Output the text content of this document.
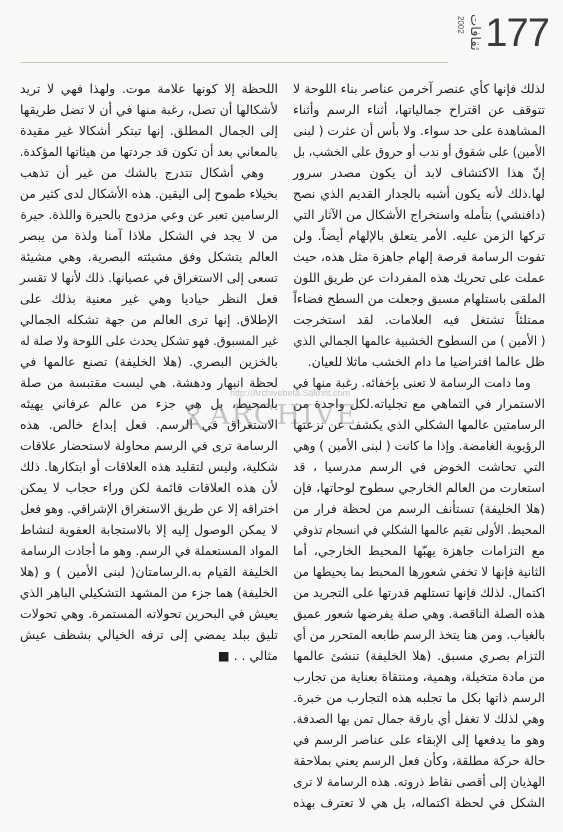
177
ثقافات
2002
لذلك فإنها كأي عنصر آخرمن عناصر بناء اللوحة لا
تتوقف عن اقتراح جمالياتها، أثناء الرسم وأثناء
المشاهدة على حد سواء. ولا بأس أن عثرت ( لبنى
الأمين) على شقوق أو ندب أو حروق على الخشب، بل
إنّ هذا الاكتشاف لابد أن يكون مصدر سرور
لها.ذلك لأنه يكون أشبه بالجدار القديم الذي نصح
(دافنشي) بتأمله واستخراج الأشكال من الآثار التي
تركها الزمن عليه. الأمر يتعلق بالإلهام أيضاً. ولن
تفوت الرسامة فرصة إلهام جاهزة مثل هذه، حيث
عملت على تحريك هذه المفردات عن طريق اللون
الملقى باستلهام مسبق وجعلت من السطح فضاءاً
ممتلئاً تشتغل فيه العلامات. لقد استخرجت
( الأمين ) من السطوح الخشبية عالمها الجمالي الذي
ظل عالما افتراضيا ما دام الخشب ماثلا للعيان.
وما دامت الرسامة لا تعنى بإخفائه. رغبة منها في
الاستمرار في التماهي مع تجلياته.لكل واحدة من
الرسامتين عالمها الشكلي الذي يكشف عن نزعتها
الرؤيوية الغامضة. وإذا ما كانت ( لبنى الأمين ) وهي
التي تحاشت الخوض في الرسم مدرسيا ، قد
استعارت من العالم الخارجي سطوح لوحاتها، فإن
(هلا الخليفة) تستأنف الرسم من لحظة فرار من
المحيط. الأولى تقيم عالمها الشكلي في انسجام تذوقي
مع التزامات جاهزة يهبّها المحيط الخارجي، أما
الثانية فإنها لا تخفي شعورها المحبط بما يحيطها من
اكتمال. لذلك فإنها تستلهم قدرتها على التجريد من
هذه الصلة الناقصة. وهي صلة يفرضها شعور عميق
بالغياب. ومن هنا يتخذ الرسم طابعه المتحرر من أي
التزام بصري مسبق. (هلا الخليفة) تنشئ عالمها
من مادة متخيلة، وهمية، ومنتقاة بعناية من تجارب
الرسم ذاتها بكل ما تجلبه هذه التجارب من خبرة.
وهي لذلك لا تغفل أي بارقة جمال تمن بها الصدفة.
وهو ما يدفعها إلى الإبقاء على عناصر الرسم في
حالة حركة مطلقة، وكأن فعل الرسم يعني بملاحقة
الهذيان إلى أقصى نقاط ذروته. هذه الرسامة لا ترى
الشكل في لحظة اكتماله، بل هي لا تعترف بهذه
اللحظة إلا كونها علامة موت. ولهذا فهي لا تريد
لأشكالها أن تصل، رغبة منها في أن لا تضل طريقها
إلى الجمال المطلق. إنها تبتكر أشكالا غير مقيدة
بالمعاني بعد أن تكون قد جردتها من هيئاتها المؤكدة.
وهي أشكال تتدرج بالشك من غير أن تذهب
بخيلاء طموح إلى اليقين. هذه الأشكال لدى كثير من
الرسامين تعبر عن وعي مزدوج بالحيرة واللذة. حيرة
من لا يجد في الشكل ملاذا آمنا ولذة من يبصر
العالم يتشكل وفق مشيئته البصرية. وهي مشيئة
تسعى إلى الاستغراق في عصيانها. ذلك لأنها لا تقسر
فعل النظر حياديا وهي غير معنية بذلك على
الإطلاق. إنها ترى العالم من جهة تشكله الجمالي
غير المسبوق. فهو تشكل يحدث على اللوحة ولا صلة له
بالخزين البصري. (هلا الخليفة) تصنع عالمها في
لحظة انبهار ودهشة. هي ليست مقتبسة من صلة
بالمحيط، بل هي جزء من عالم عرفاني يهيئه
الاستغراق في الرسم. فعل إبداع خالص. هذه
الرسامة ترى في الرسم محاولة لاستحضار علاقات
شكلية، وليس لتقليد هذه العلاقات أو ابتكارها. ذلك
لأن هذه العلاقات قائمة لكن وراء حجاب لا يمكن
اختراقه إلا عن طريق الاستغراق الإشراقي. وهو فعل
لا يمكن الوصول إليه إلا بالاستجابة العفوية لنشاط
المواد المستعملة في الرسم. وهو ما أجادت الرسامة
الخليفة القيام به.الرسامتان( لبنى الأمين ) و (هلا
الخليفة) هما جزء من المشهد التشكيلي الباهر الذي
يعيش في البحرين تحولاته المستمرة. وهي تحولات
تليق ببلد يمضي إلى ترفه الخيالي بشظف عيش
مثالي . . ■
http://Archivebeta.Sakhrit.com
ARCHIVE
